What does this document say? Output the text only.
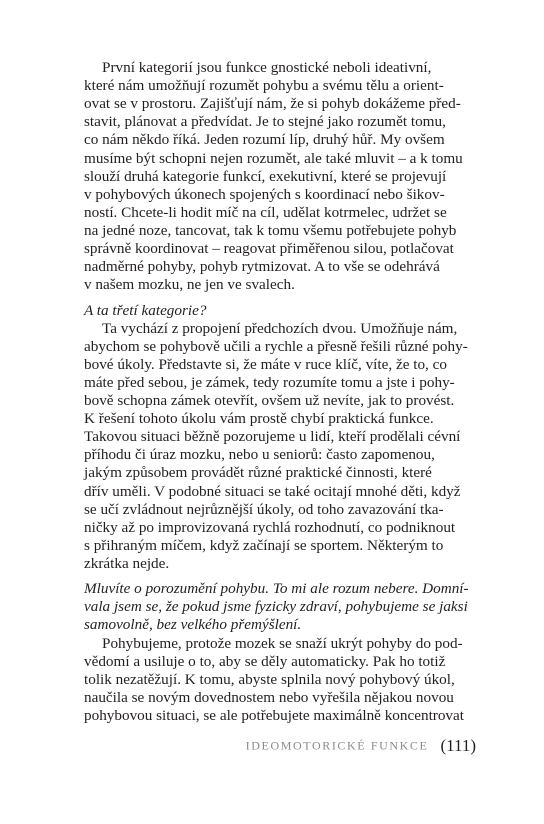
První kategorií jsou funkce gnostické neboli ideativní,
které nám umožňují rozumět pohybu a svému tělu a orient-
ovat se v prostoru. Zajišťují nám, že si pohyb dokážeme před-
stavit, plánovat a předvídat. Je to stejné jako rozumět tomu,
co nám někdo říká. Jeden rozumí líp, druhý hůř. My ovšem
musíme být schopni nejen rozumět, ale také mluvit – a k tomu
slouží druhá kategorie funkcí, exekutivní, které se projevují
v pohybových úkonech spojených s koordinací nebo šikov-
ností. Chcete-li hodit míč na cíl, udělat kotrmelec, udržet se
na jedné noze, tancovat, tak k tomu všemu potřebujete pohyb
správně koordinovat – reagovat přiměřenou silou, potlačovat
nadměrné pohyby, pohyb rytmizovat. A to vše se odehrává
v našem mozku, ne jen ve svalech.
A ta třetí kategorie?
Ta vychází z propojení předchozích dvou. Umožňuje nám,
abychom se pohybově učili a rychle a přesně řešili různé pohy-
bové úkoly. Představte si, že máte v ruce klíč, víte, že to, co
máte před sebou, je zámek, tedy rozumíte tomu a jste i pohy-
bově schopna zámek otevřít, ovšem už nevíte, jak to provést.
K řešení tohoto úkolu vám prostě chybí praktická funkce.
Takovou situaci běžně pozorujeme u lidí, kteří prodělali cévní
příhodu či úraz mozku, nebo u seniorů: často zapomenou,
jakým způsobem provádět různé praktické činnosti, které
dřív uměli. V podobné situaci se také ocitají mnohé děti, když
se učí zvládnout nejrůznější úkoly, od toho zavazování tka-
ničky až po improvizovaná rychlá rozhodnutí, co podniknout
s přihraným míčem, když začínají se sportem. Některým to
zkrátka nejde.
Mluvíte o porozumění pohybu. To mi ale rozum nebere. Domní-
vala jsem se, že pokud jsme fyzicky zdraví, pohybujeme se jaksi
samovolně, bez velkého přemýšlení.
Pohybujeme, protože mozek se snaží ukrýt pohyby do pod-
vědomí a usiluje o to, aby se děly automaticky. Pak ho totiž
tolik nezatěžují. K tomu, abyste splnila nový pohybový úkol,
naučila se novým dovednostem nebo vyřešila nějakou novou
pohybovou situaci, se ale potřebujete maximálně koncentrovat
IDEOMOTORICKÉ FUNKCE (111)
